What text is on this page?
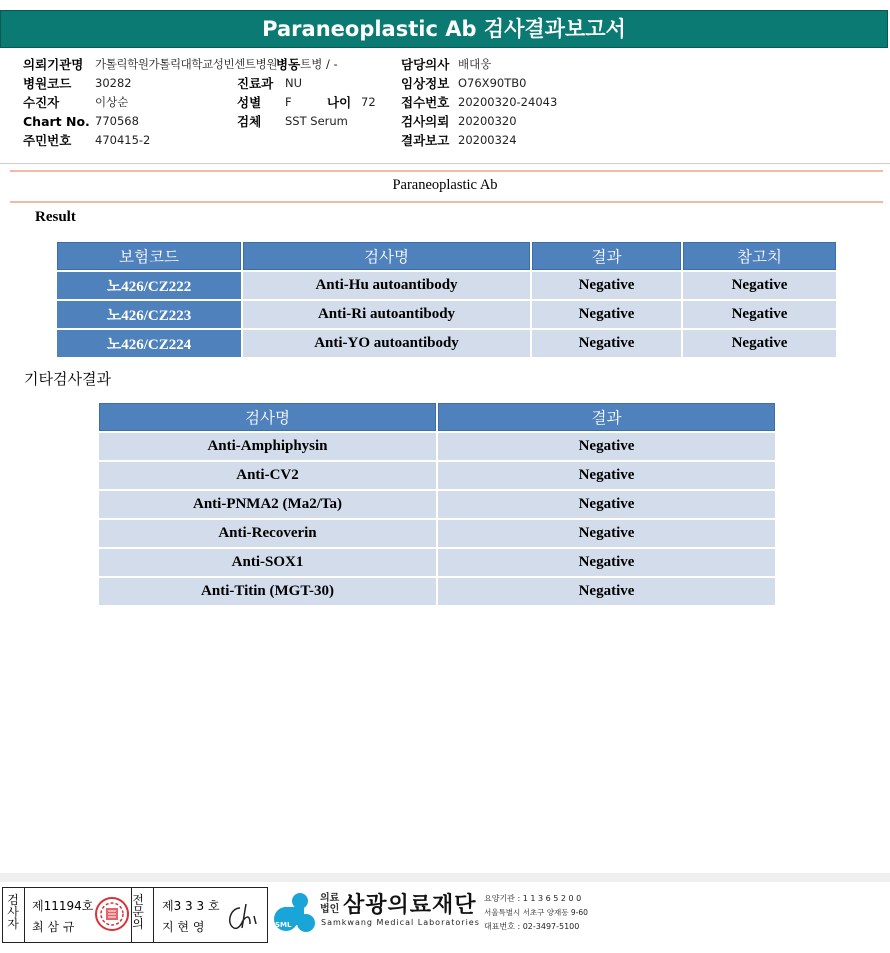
Paraneoplastic Ab 검사결과보고서
의뢰기관명	가톨릭학원가톨릭대학교성빈센트병원
병동 트병 / -
병원코드	30282
수진자	이상순
Chart No. 770568
주민번호	470415-2
진료과	NU
성별	F	나이 72
검체	SST Serum
담당의사 배대웅
임상정보 O76X90TB0
접수번호 20200320-24043
검사의뢰 20200320
결과보고 20200324
Paraneoplastic Ab
Result
보험코드	검사명	결과	참고치
노426/CZ222	Anti-Hu autoantibody	Negative	Negative
노426/CZ223	Anti-Ri autoantibody	Negative	Negative
노426/CZ224	Anti-YO autoantibody	Negative	Negative
기타검사결과
검사명	결과
Anti-Amphiphysin	Negative
Anti-CV2	Negative
Anti-PNMA2 (Ma2/Ta)	Negative
Anti-Recoverin	Negative
Anti-SOX1	Negative
Anti-Titin (MGT-30)	Negative
검사자
제11194호
최 삼 규
전문의
제3 3 3 호
지 현 영	SML
의료법인 삼광의료재단
Samkwang Medical Laboratories
요양기관 : 1 1 3 6 5 2 0 0
서울특별시 서초구 양재동 9-60
대표번호 : 02-3497-5100
